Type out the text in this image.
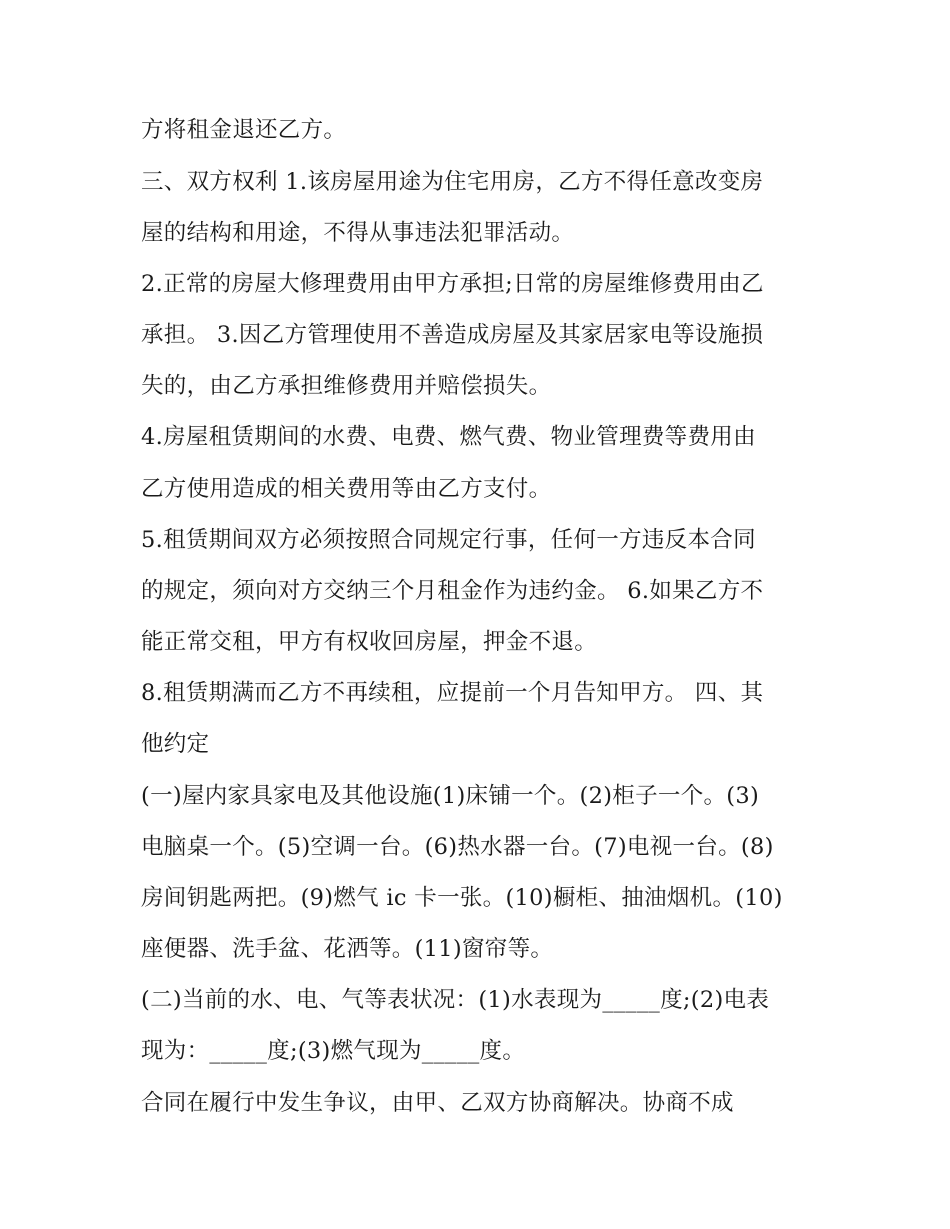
方将租金退还乙方。
三、双方权利 1.该房屋用途为住宅用房，乙方不得任意改变房
屋的结构和用途，不得从事违法犯罪活动。
2.正常的房屋大修理费用由甲方承担;日常的房屋维修费用由乙
承担。 3.因乙方管理使用不善造成房屋及其家居家电等设施损
失的，由乙方承担维修费用并赔偿损失。
4.房屋租赁期间的水费、电费、燃气费、物业管理费等费用由
乙方使用造成的相关费用等由乙方支付。
5.租赁期间双方必须按照合同规定行事，任何一方违反本合同
的规定，须向对方交纳三个月租金作为违约金。 6.如果乙方不
能正常交租，甲方有权收回房屋，押金不退。
8.租赁期满而乙方不再续租，应提前一个月告知甲方。 四、其
他约定
(一)屋内家具家电及其他设施(1)床铺一个。(2)柜子一个。(3)
电脑桌一个。(5)空调一台。(6)热水器一台。(7)电视一台。(8)
房间钥匙两把。(9)燃气 ic 卡一张。(10)橱柜、抽油烟机。(10)
座便器、洗手盆、花洒等。(11)窗帘等。
(二)当前的水、电、气等表状况：(1)水表现为_____度;(2)电表
现为：_____度;(3)燃气现为_____度。
合同在履行中发生争议，由甲、乙双方协商解决。协商不成
